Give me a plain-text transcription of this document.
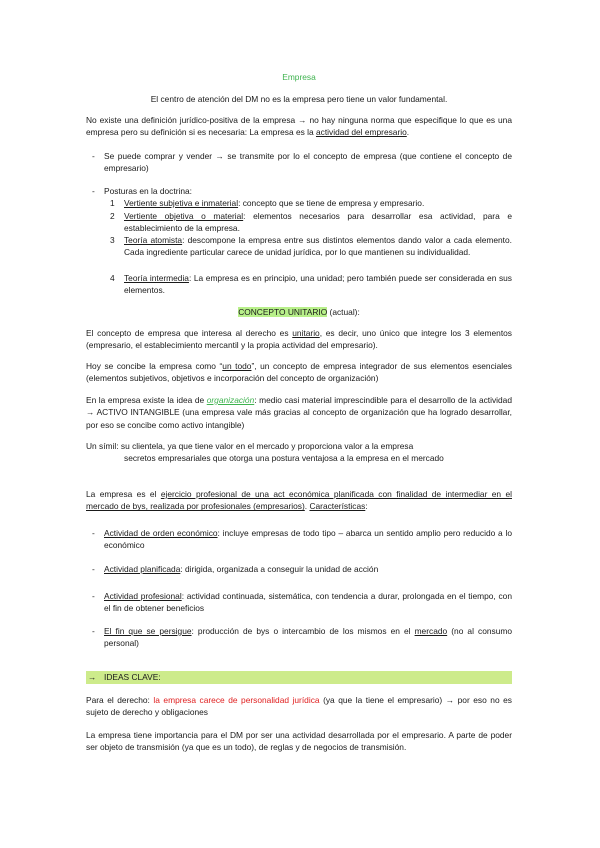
Empresa
El centro de atención del DM no es la empresa pero tiene un valor fundamental.
No existe una definición jurídico-positiva de la empresa → no hay ninguna norma que especifique lo que es una empresa pero su definición si es necesaria: La empresa es la actividad del empresario.
- Se puede comprar y vender → se transmite por lo el concepto de empresa (que contiene el concepto de empresario)
- Posturas en la doctrina:
1 Vertiente subjetiva e inmaterial: concepto que se tiene de empresa y empresario.
2 Vertiente objetiva o material: elementos necesarios para desarrollar esa actividad, para e establecimiento de la empresa.
3 Teoría atomista: descompone la empresa entre sus distintos elementos dando valor a cada elemento. Cada ingrediente particular carece de unidad jurídica, por lo que mantienen su individualidad.
4 Teoría intermedia: La empresa es en principio, una unidad; pero también puede ser considerada en sus elementos.
CONCEPTO UNITARIO (actual):
El concepto de empresa que interesa al derecho es unitario, es decir, uno único que integre los 3 elementos (empresario, el establecimiento mercantil y la propia actividad del empresario).
Hoy se concibe la empresa como “un todo”, un concepto de empresa integrador de sus elementos esenciales (elementos subjetivos, objetivos e incorporación del concepto de organización)
En la empresa existe la idea de organización: medio casi material imprescindible para el desarrollo de la actividad → ACTIVO INTANGIBLE (una empresa vale más gracias al concepto de organización que ha logrado desarrollar, por eso se concibe como activo intangible)
Un símil: su clientela, ya que tiene valor en el mercado y proporciona valor a la empresa
secretos empresariales que otorga una postura ventajosa a la empresa en el mercado
La empresa es el ejercicio profesional de una act económica planificada con finalidad de intermediar en el mercado de bys, realizada por profesionales (empresarios). Características:
- Actividad de orden económico: incluye empresas de todo tipo – abarca un sentido amplio pero reducido a lo económico
- Actividad planificada: dirigida, organizada a conseguir la unidad de acción
- Actividad profesional: actividad continuada, sistemática, con tendencia a durar, prolongada en el tiempo, con el fin de obtener beneficios
- El fin que se persigue: producción de bys o intercambio de los mismos en el mercado (no al consumo personal)
→ IDEAS CLAVE:
Para el derecho: la empresa carece de personalidad jurídica (ya que la tiene el empresario) → por eso no es sujeto de derecho y obligaciones
La empresa tiene importancia para el DM por ser una actividad desarrollada por el empresario. A parte de poder ser objeto de transmisión (ya que es un todo), de reglas y de negocios de transmisión.
